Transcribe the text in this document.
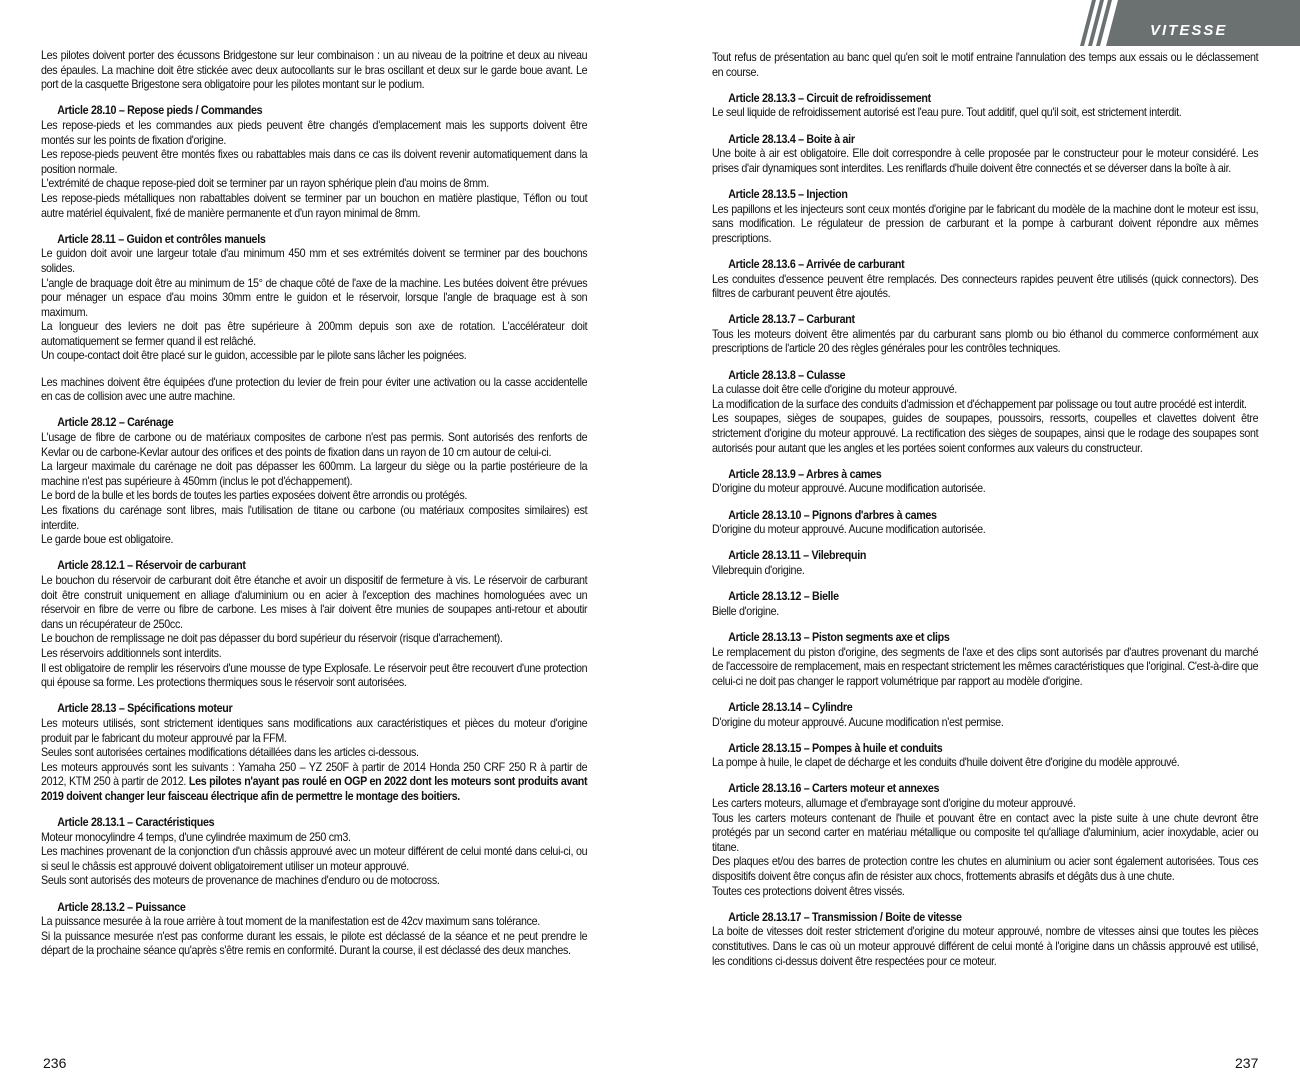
VITESSE
Les pilotes doivent porter des écussons Bridgestone sur leur combinaison : un au niveau de la poitrine et deux au niveau des épaules. La machine doit être stickée avec deux autocollants sur le bras oscillant et deux sur le garde boue avant. Le port de la casquette Brigestone sera obligatoire pour les pilotes montant sur le podium.
Article 28.10 – Repose pieds / Commandes
Les repose-pieds et les commandes aux pieds peuvent être changés d'emplacement mais les supports doivent être montés sur les points de fixation d'origine.
Les repose-pieds peuvent être montés fixes ou rabattables mais dans ce cas ils doivent revenir automatiquement dans la position normale.
L'extrémité de chaque repose-pied doit se terminer par un rayon sphérique plein d'au moins de 8mm.
Les repose-pieds métalliques non rabattables doivent se terminer par un bouchon en matière plastique, Téflon ou tout autre matériel équivalent, fixé de manière permanente et d'un rayon minimal de 8mm.
Article 28.11 – Guidon et contrôles manuels
Le guidon doit avoir une largeur totale d'au minimum 450 mm et ses extrémités doivent se terminer par des bouchons solides.
L'angle de braquage doit être au minimum de 15° de chaque côté de l'axe de la machine. Les butées doivent être prévues pour ménager un espace d'au moins 30mm entre le guidon et le réservoir, lorsque l'angle de braquage est à son maximum.
La longueur des leviers ne doit pas être supérieure à 200mm depuis son axe de rotation. L'accélérateur doit automatiquement se fermer quand il est relâché.
Un coupe-contact doit être placé sur le guidon, accessible par le pilote sans lâcher les poignées.
Les machines doivent être équipées d'une protection du levier de frein pour éviter une activation ou la casse accidentelle en cas de collision avec une autre machine.
Article 28.12 – Carénage
L'usage de fibre de carbone ou de matériaux composites de carbone n'est pas permis. Sont autorisés des renforts de Kevlar ou de carbone-Kevlar autour des orifices et des points de fixation dans un rayon de 10 cm autour de celui-ci.
La largeur maximale du carénage ne doit pas dépasser les 600mm. La largeur du siège ou la partie postérieure de la machine n'est pas supérieure à 450mm (inclus le pot d'échappement).
Le bord de la bulle et les bords de toutes les parties exposées doivent être arrondis ou protégés.
Les fixations du carénage sont libres, mais l'utilisation de titane ou carbone (ou matériaux composites similaires) est interdite.
Le garde boue est obligatoire.
Article 28.12.1 – Réservoir de carburant
Le bouchon du réservoir de carburant doit être étanche et avoir un dispositif de fermeture à vis. Le réservoir de carburant doit être construit uniquement en alliage d'aluminium ou en acier à l'exception des machines homologuées avec un réservoir en fibre de verre ou fibre de carbone. Les mises à l'air doivent être munies de soupapes anti-retour et aboutir dans un récupérateur de 250cc.
Le bouchon de remplissage ne doit pas dépasser du bord supérieur du réservoir (risque d'arrachement).
Les réservoirs additionnels sont interdits.
Il est obligatoire de remplir les réservoirs d'une mousse de type Explosafe. Le réservoir peut être recouvert d'une protection qui épouse sa forme. Les protections thermiques sous le réservoir sont autorisées.
Article 28.13 – Spécifications moteur
Les moteurs utilisés, sont strictement identiques sans modifications aux caractéristiques et pièces du moteur d'origine produit par le fabricant du moteur approuvé par la FFM.
Seules sont autorisées certaines modifications détaillées dans les articles ci-dessous.
Les moteurs approuvés sont les suivants : Yamaha 250 – YZ 250F à partir de 2014 Honda 250 CRF 250 R à partir de 2012, KTM 250 à partir de 2012. Les pilotes n'ayant pas roulé en OGP en 2022 dont les moteurs sont produits avant 2019 doivent changer leur faisceau électrique afin de permettre le montage des boitiers.
Article 28.13.1 – Caractéristiques
Moteur monocylindre 4 temps, d'une cylindrée maximum de 250 cm3.
Les machines provenant de la conjonction d'un châssis approuvé avec un moteur différent de celui monté dans celui-ci, ou si seul le châssis est approuvé doivent obligatoirement utiliser un moteur approuvé.
Seuls sont autorisés des moteurs de provenance de machines d'enduro ou de motocross.
Article 28.13.2 – Puissance
La puissance mesurée à la roue arrière à tout moment de la manifestation est de 42cv maximum sans tolérance.
Si la puissance mesurée n'est pas conforme durant les essais, le pilote est déclassé de la séance et ne peut prendre le départ de la prochaine séance qu'après s'être remis en conformité. Durant la course, il est déclassé des deux manches.
Tout refus de présentation au banc quel qu'en soit le motif entraine l'annulation des temps aux essais ou le déclassement en course.
Article 28.13.3 – Circuit de refroidissement
Le seul liquide de refroidissement autorisé est l'eau pure. Tout additif, quel qu'il soit, est strictement interdit.
Article 28.13.4 – Boite à air
Une boite à air est obligatoire. Elle doit correspondre à celle proposée par le constructeur pour le moteur considéré. Les prises d'air dynamiques sont interdites. Les reniflards d'huile doivent être connectés et se déverser dans la boîte à air.
Article 28.13.5 – Injection
Les papillons et les injecteurs sont ceux montés d'origine par le fabricant du modèle de la machine dont le moteur est issu, sans modification. Le régulateur de pression de carburant et la pompe à carburant doivent répondre aux mêmes prescriptions.
Article 28.13.6 – Arrivée de carburant
Les conduites d'essence peuvent être remplacés. Des connecteurs rapides peuvent être utilisés (quick connectors). Des filtres de carburant peuvent être ajoutés.
Article 28.13.7 – Carburant
Tous les moteurs doivent être alimentés par du carburant sans plomb ou bio éthanol du commerce conformément aux prescriptions de l'article 20 des règles générales pour les contrôles techniques.
Article 28.13.8 – Culasse
La culasse doit être celle d'origine du moteur approuvé.
La modification de la surface des conduits d'admission et d'échappement par polissage ou tout autre procédé est interdit.
Les soupapes, sièges de soupapes, guides de soupapes, poussoirs, ressorts, coupelles et clavettes doivent être strictement d'origine du moteur approuvé. La rectification des sièges de soupapes, ainsi que le rodage des soupapes sont autorisés pour autant que les angles et les portées soient conformes aux valeurs du constructeur.
Article 28.13.9 – Arbres à cames
D'origine du moteur approuvé. Aucune modification autorisée.
Article 28.13.10 – Pignons d'arbres à cames
D'origine du moteur approuvé. Aucune modification autorisée.
Article 28.13.11 – Vilebrequin
Vilebrequin d'origine.
Article 28.13.12 – Bielle
Bielle d'origine.
Article 28.13.13 – Piston segments axe et clips
Le remplacement du piston d'origine, des segments de l'axe et des clips sont autorisés par d'autres provenant du marché de l'accessoire de remplacement, mais en respectant strictement les mêmes caractéristiques que l'original. C'est-à-dire que celui-ci ne doit pas changer le rapport volumétrique par rapport au modèle d'origine.
Article 28.13.14 – Cylindre
D'origine du moteur approuvé. Aucune modification n'est permise.
Article 28.13.15 – Pompes à huile et conduits
La pompe à huile, le clapet de décharge et les conduits d'huile doivent être d'origine du modèle approuvé.
Article 28.13.16 – Carters moteur et annexes
Les carters moteurs, allumage et d'embrayage sont d'origine du moteur approuvé.
Tous les carters moteurs contenant de l'huile et pouvant être en contact avec la piste suite à une chute devront être protégés par un second carter en matériau métallique ou composite tel qu'alliage d'aluminium, acier inoxydable, acier ou titane.
Des plaques et/ou des barres de protection contre les chutes en aluminium ou acier sont également autorisées. Tous ces dispositifs doivent être conçus afin de résister aux chocs, frottements abrasifs et dégâts dus à une chute.
Toutes ces protections doivent êtres vissés.
Article 28.13.17 – Transmission / Boite de vitesse
La boite de vitesses doit rester strictement d'origine du moteur approuvé, nombre de vitesses ainsi que toutes les pièces constitutives. Dans le cas où un moteur approuvé différent de celui monté à l'origine dans un châssis approuvé est utilisé, les conditions ci-dessus doivent être respectées pour ce moteur.
236	237
